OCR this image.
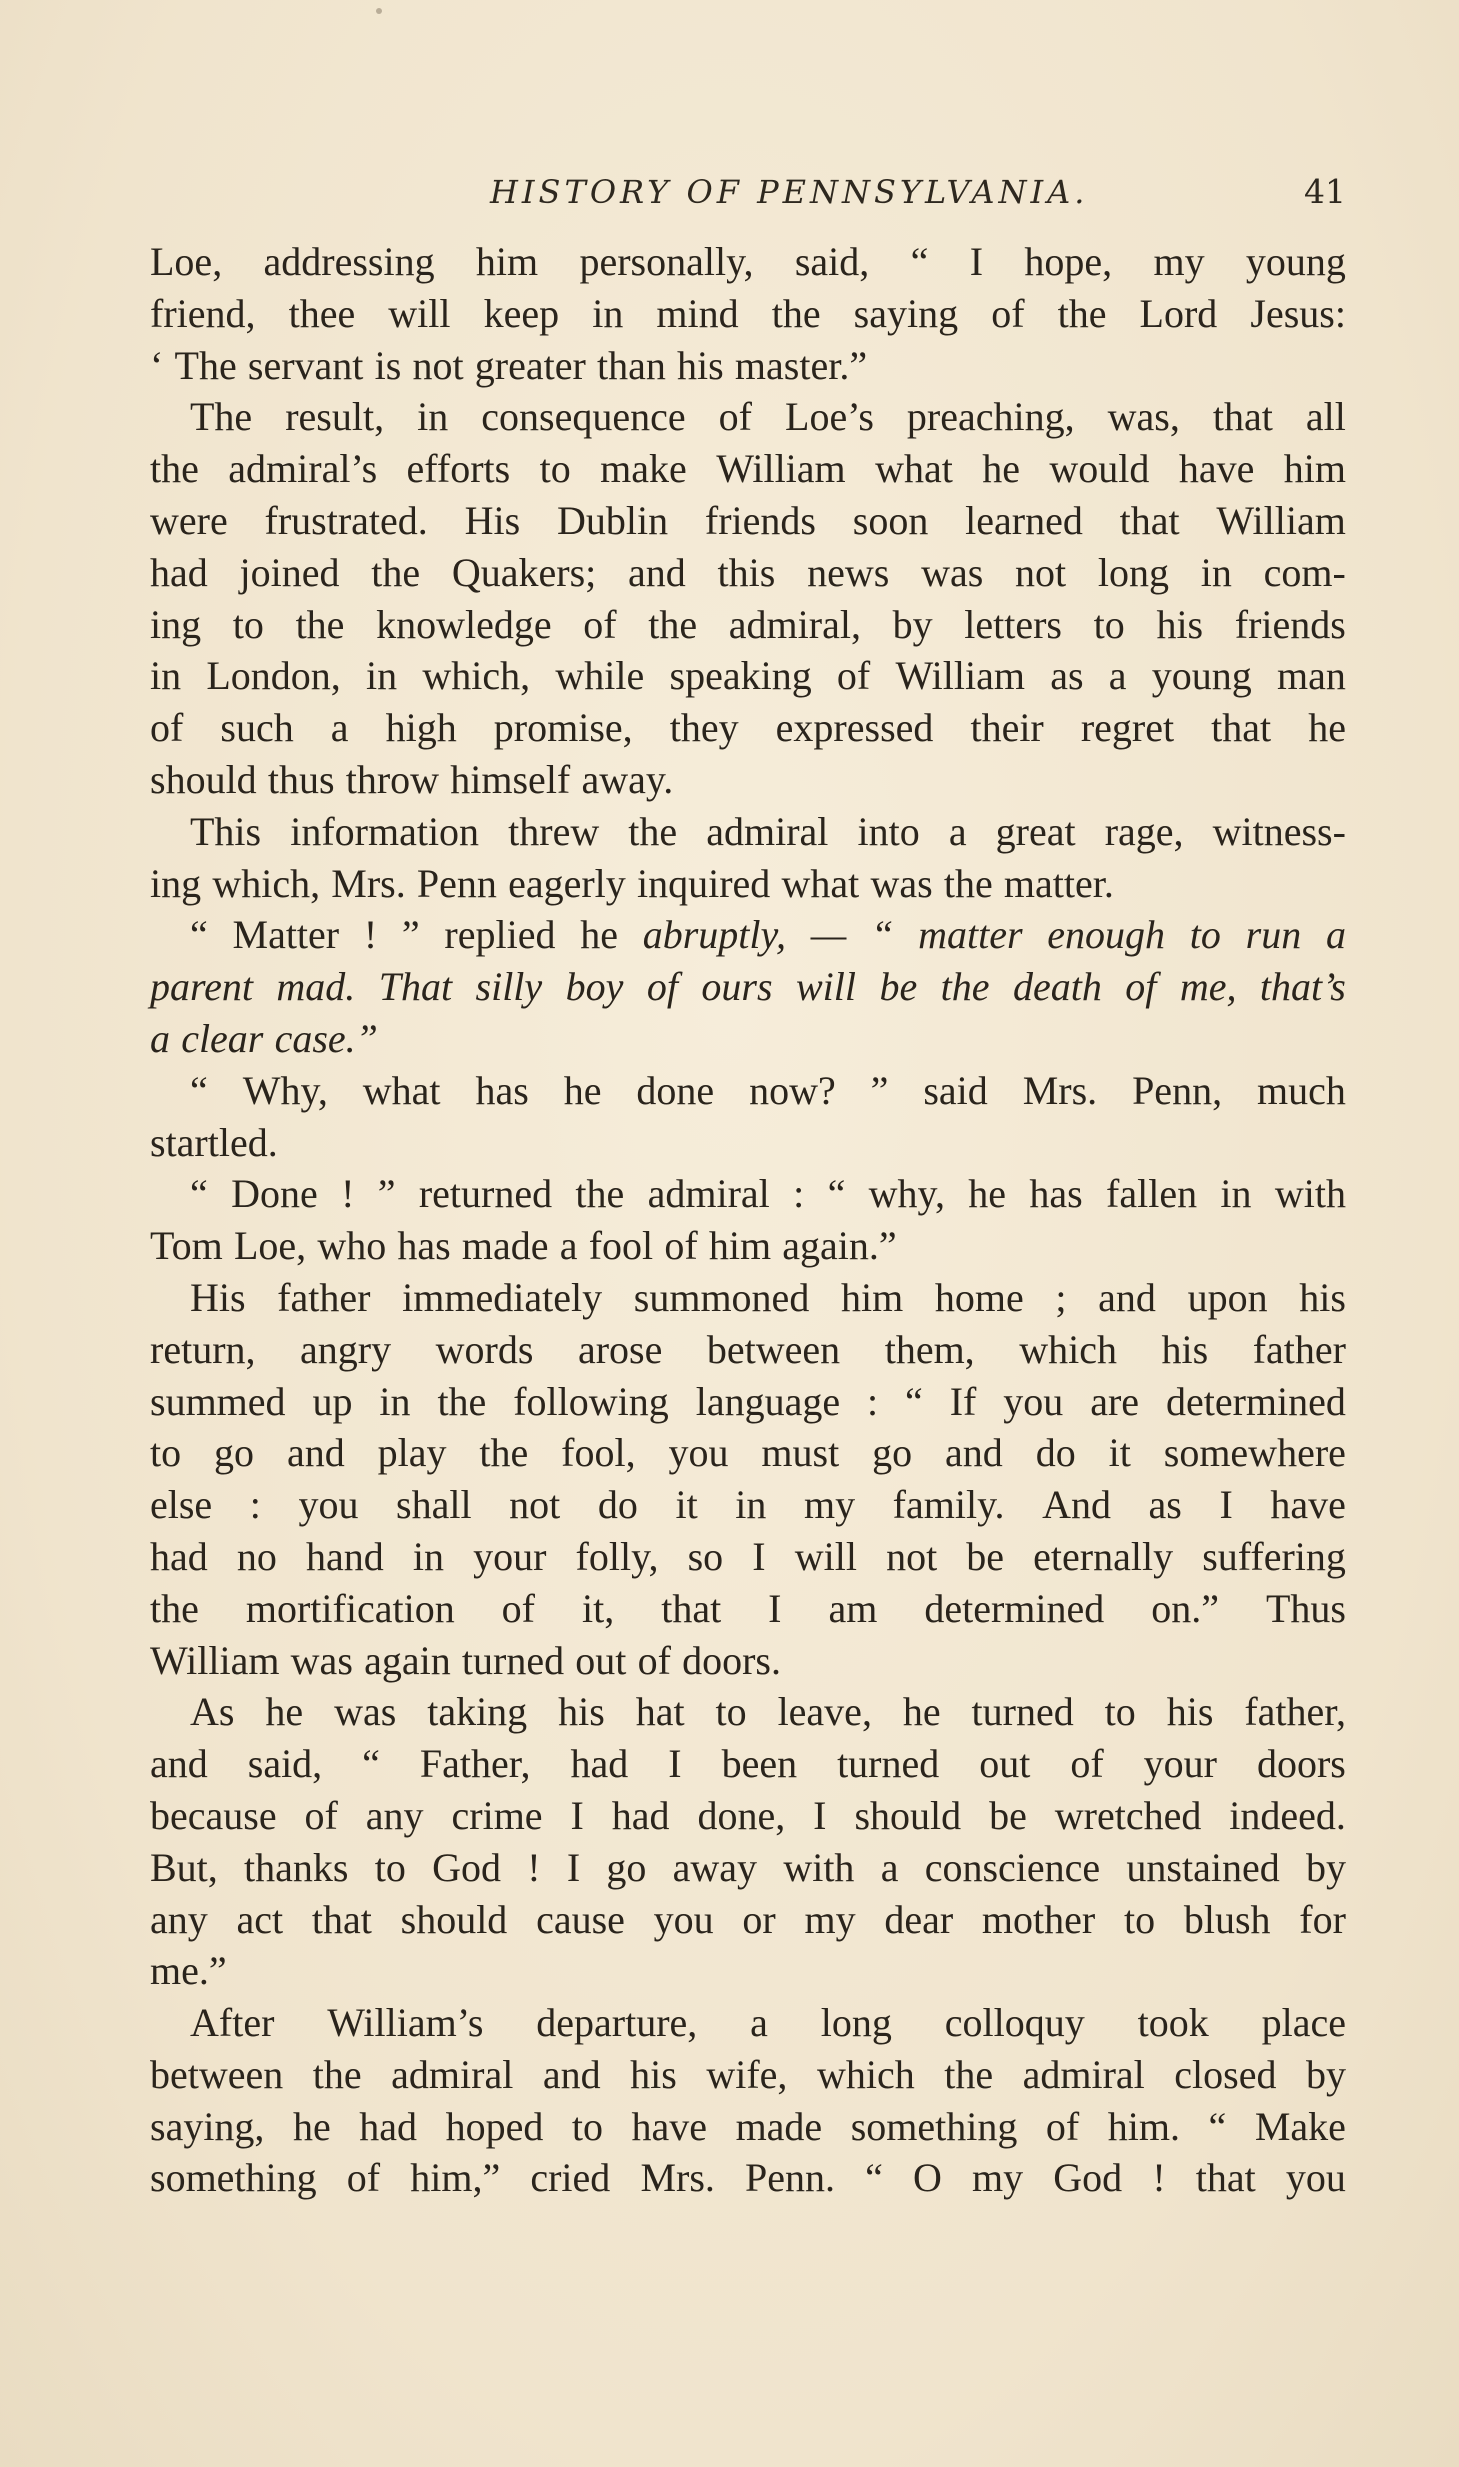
HISTORY OF PENNSYLVANIA.	41
Loe, addressing him personally, said, “ I hope, my young
friend, thee will keep in mind the saying of the Lord Jesus:
‘ The servant is not greater than his master.”
The result, in consequence of Loe’s preaching, was, that all
the admiral’s efforts to make William what he would have him
were frustrated. His Dublin friends soon learned that William
had joined the Quakers; and this news was not long in com-
ing to the knowledge of the admiral, by letters to his friends
in London, in which, while speaking of William as a young man
of such a high promise, they expressed their regret that he
should thus throw himself away.
This information threw the admiral into a great rage, witness-
ing which, Mrs. Penn eagerly inquired what was the matter.
“ Matter ! ” replied he abruptly, — “ matter enough to run a
parent mad. That silly boy of ours will be the death of me, that’s
a clear case.”
“ Why, what has he done now? ” said Mrs. Penn, much
startled.
“ Done ! ” returned the admiral : “ why, he has fallen in with
Tom Loe, who has made a fool of him again.”
His father immediately summoned him home ; and upon his
return, angry words arose between them, which his father
summed up in the following language : “ If you are determined
to go and play the fool, you must go and do it somewhere
else : you shall not do it in my family. And as I have
had no hand in your folly, so I will not be eternally suffering
the mortification of it, that I am determined on.” Thus
William was again turned out of doors.
As he was taking his hat to leave, he turned to his father,
and said, “ Father, had I been turned out of your doors
because of any crime I had done, I should be wretched indeed.
But, thanks to God ! I go away with a conscience unstained by
any act that should cause you or my dear mother to blush for
me.”
After William’s departure, a long colloquy took place
between the admiral and his wife, which the admiral closed by
saying, he had hoped to have made something of him. “ Make
something of him,” cried Mrs. Penn. “ O my God ! that you
